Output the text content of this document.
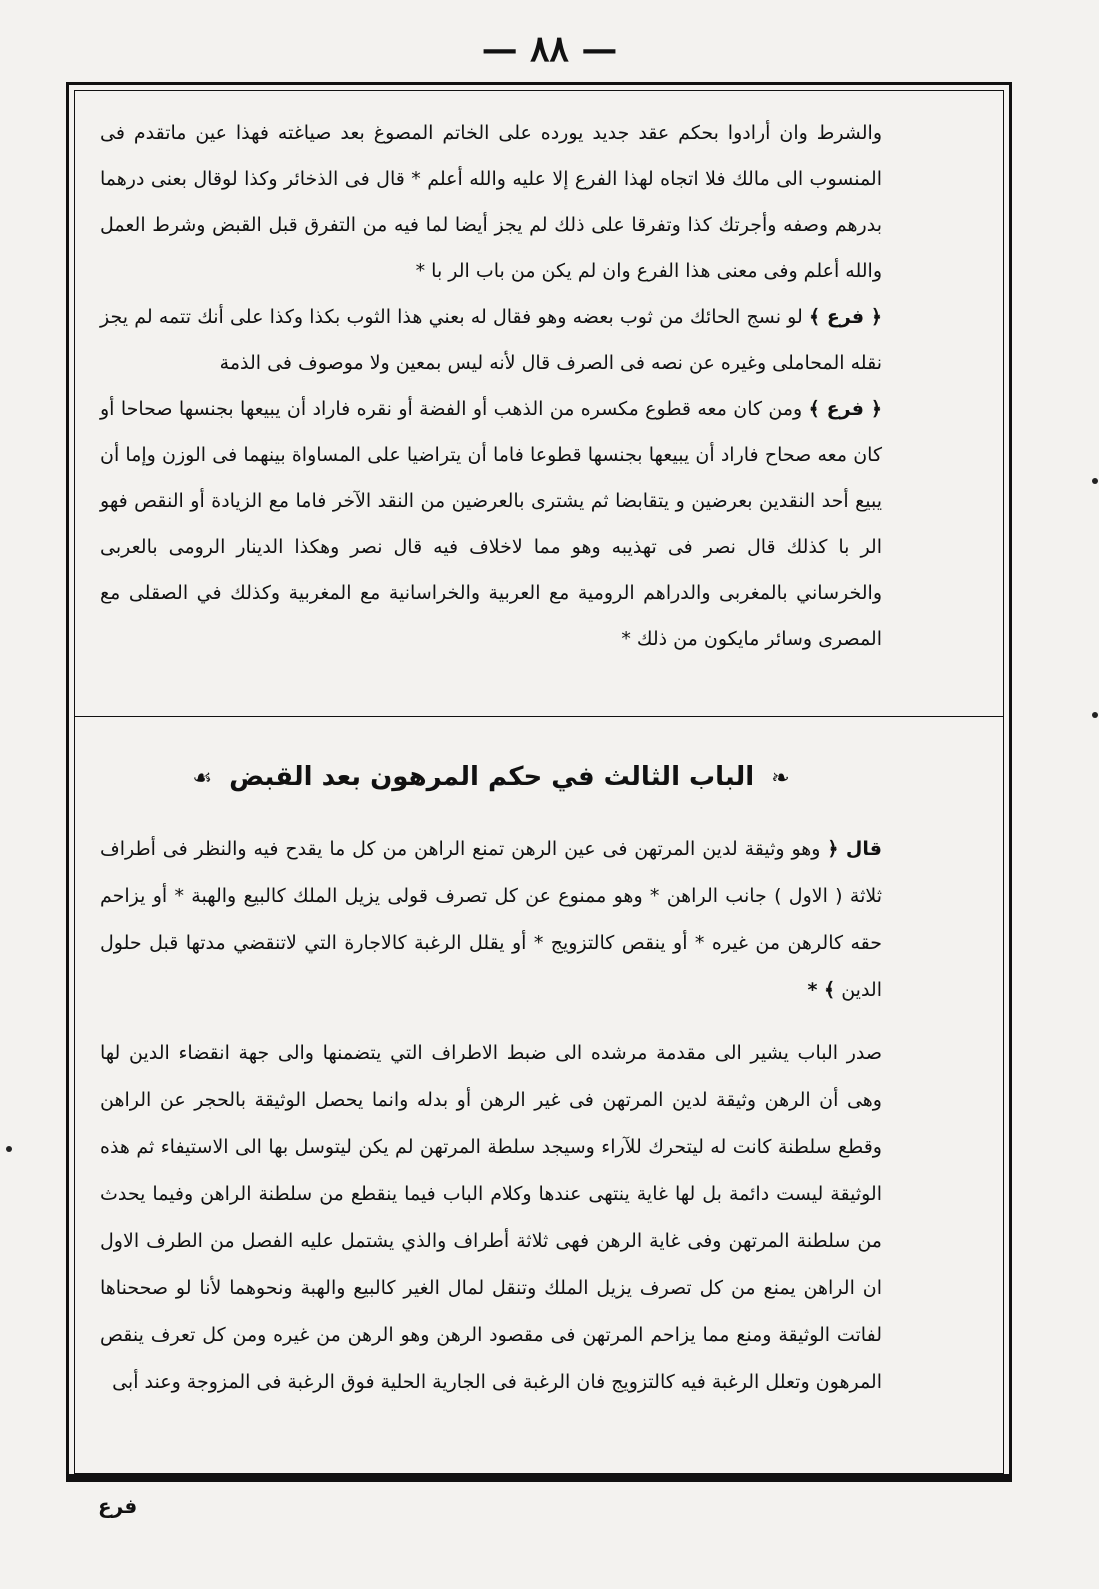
— ٨٨ —

والشرط وان أرادوا بحكم عقد جديد يورده على الخاتم المصوغ بعد صياغته فهذا عين ماتقدم فى المنسوب الى مالك فلا اتجاه لهذا الفرع إلا عليه والله أعلم * قال فى الذخائر وكذا لوقال بعنى درهما بدرهم وصفه وأجرتك كذا وتفرقا على ذلك لم يجز أيضا لما فيه من التفرق قبل القبض وشرط العمل والله أعلم وفى معنى هذا الفرع وان لم يكن من باب الر با *

﴿ فرع ﴾ لو نسج الحائك من ثوب بعضه وهو فقال له بعني هذا الثوب بكذا وكذا على أنك تتمه لم يجز نقله المحاملى وغيره عن نصه فى الصرف قال لأنه ليس بمعين ولا موصوف فى الذمة

﴿ فرع ﴾ ومن كان معه قطوع مكسره من الذهب أو الفضة أو نقره فاراد أن يبيعها بجنسها صحاحا أو كان معه صحاح فاراد أن يبيعها بجنسها قطوعا فاما أن يتراضيا على المساواة بينهما فى الوزن وإما أن يبيع أحد النقدين بعرضين و يتقابضا ثم يشترى بالعرضين من النقد الآخر فاما مع الزيادة أو النقص فهو الر با كذلك قال نصر فى تهذيبه وهو مما لاخلاف فيه قال نصر وهكذا الدينار الرومى بالعربى والخرساني بالمغربى والدراهم الرومية مع العربية والخراسانية مع المغربية وكذلك في الصقلى مع المصرى وسائر مايكون من ذلك *

❧ الباب الثالث في حكم المرهون بعد القبض ☙

قال ﴿ وهو وثيقة لدين المرتهن فى عين الرهن تمنع الراهن من كل ما يقدح فيه والنظر فى أطراف ثلاثة ( الاول ) جانب الراهن * وهو ممنوع عن كل تصرف قولى يزيل الملك كالبيع والهبة * أو يزاحم حقه كالرهن من غيره * أو ينقص كالتزويج * أو يقلل الرغبة كالاجارة التي لاتنقضي مدتها قبل حلول الدين ﴾ *

صدر الباب يشير الى مقدمة مرشده الى ضبط الاطراف التي يتضمنها والى جهة انقضاء الدين لها وهى أن الرهن وثيقة لدين المرتهن فى غير الرهن أو بدله وانما يحصل الوثيقة بالحجر عن الراهن وقطع سلطنة كانت له ليتحرك للآراء وسيجد سلطة المرتهن لم يكن ليتوسل بها الى الاستيفاء ثم هذه الوثيقة ليست دائمة بل لها غاية ينتهى عندها وكلام الباب فيما ينقطع من سلطنة الراهن وفيما يحدث من سلطنة المرتهن وفى غاية الرهن فهى ثلاثة أطراف والذي يشتمل عليه الفصل من الطرف الاول ان الراهن يمنع من كل تصرف يزيل الملك وتنقل لمال الغير كالبيع والهبة ونحوهما لأنا لو صححناها لفاتت الوثيقة ومنع مما يزاحم المرتهن فى مقصود الرهن وهو الرهن من غيره ومن كل تعرف ينقص المرهون وتعلل الرغبة فيه كالتزويج فان الرغبة فى الجارية الحلية فوق الرغبة فى المزوجة وعند أبى

فرع
